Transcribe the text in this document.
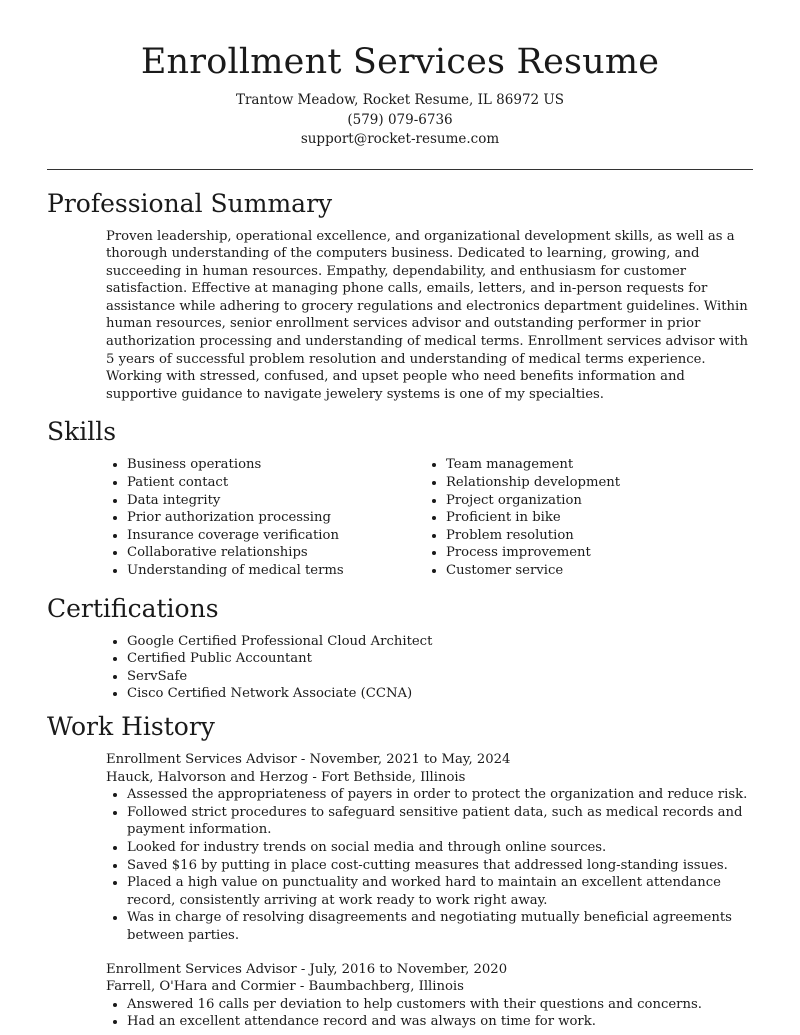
Enrollment Services Resume
Trantow Meadow, Rocket Resume, IL 86972 US
(579) 079-6736
support@rocket-resume.com
Professional Summary
Proven leadership, operational excellence, and organizational development skills, as well as a thorough understanding of the computers business. Dedicated to learning, growing, and succeeding in human resources. Empathy, dependability, and enthusiasm for customer satisfaction. Effective at managing phone calls, emails, letters, and in-person requests for assistance while adhering to grocery regulations and electronics department guidelines. Within human resources, senior enrollment services advisor and outstanding performer in prior authorization processing and understanding of medical terms. Enrollment services advisor with 5 years of successful problem resolution and understanding of medical terms experience. Working with stressed, confused, and upset people who need benefits information and supportive guidance to navigate jewelery systems is one of my specialties.
Skills
• Business operations
• Patient contact
• Data integrity
• Prior authorization processing
• Insurance coverage verification
• Collaborative relationships
• Understanding of medical terms
• Team management
• Relationship development
• Project organization
• Proficient in bike
• Problem resolution
• Process improvement
• Customer service
Certifications
• Google Certified Professional Cloud Architect
• Certified Public Accountant
• ServSafe
• Cisco Certified Network Associate (CCNA)
Work History
Enrollment Services Advisor - November, 2021 to May, 2024
Hauck, Halvorson and Herzog - Fort Bethside, Illinois
• Assessed the appropriateness of payers in order to protect the organization and reduce risk.
• Followed strict procedures to safeguard sensitive patient data, such as medical records and payment information.
• Looked for industry trends on social media and through online sources.
• Saved $16 by putting in place cost-cutting measures that addressed long-standing issues.
• Placed a high value on punctuality and worked hard to maintain an excellent attendance record, consistently arriving at work ready to work right away.
• Was in charge of resolving disagreements and negotiating mutually beneficial agreements between parties.
Enrollment Services Advisor - July, 2016 to November, 2020
Farrell, O'Hara and Cormier - Baumbachberg, Illinois
• Answered 16 calls per deviation to help customers with their questions and concerns.
• Had an excellent attendance record and was always on time for work.
